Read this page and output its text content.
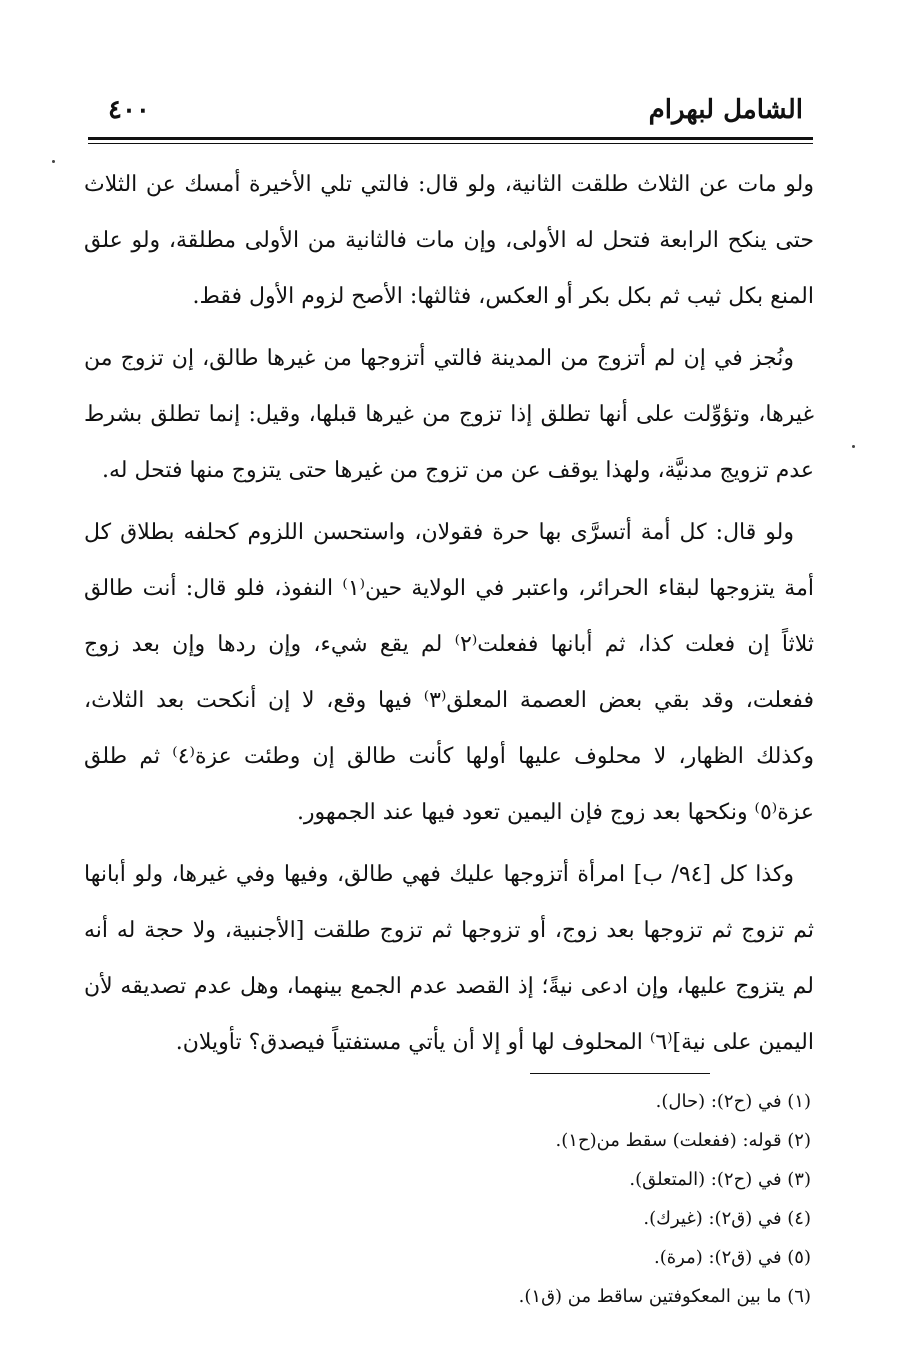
الشامل لبهرام
٤٠٠

ولو مات عن الثلاث طلقت الثانية، ولو قال: فالتي تلي الأخيرة أمسك عن الثلاث حتى ينكح الرابعة فتحل له الأولى، وإن مات فالثانية من الأولى مطلقة، ولو علق المنع بكل ثيب ثم بكل بكر أو العكس، فثالثها: الأصح لزوم الأول فقط.

ونُجز في إن لم أتزوج من المدينة فالتي أتزوجها من غيرها طالق، إن تزوج من غيرها، وتؤوِّلت على أنها تطلق إذا تزوج من غيرها قبلها، وقيل: إنما تطلق بشرط عدم تزويج مدنيَّة، ولهذا يوقف عن من تزوج من غيرها حتى يتزوج منها فتحل له.

ولو قال: كل أمة أتسرَّى بها حرة فقولان، واستحسن اللزوم كحلفه بطلاق كل أمة يتزوجها لبقاء الحرائر، واعتبر في الولاية حين⁽١⁾ النفوذ، فلو قال: أنت طالق ثلاثاً إن فعلت كذا، ثم أبانها ففعلت⁽٢⁾ لم يقع شيء، وإن ردها وإن بعد زوج ففعلت، وقد بقي بعض العصمة المعلق⁽٣⁾ فيها وقع، لا إن أنكحت بعد الثلاث، وكذلك الظهار، لا محلوف عليها أولها كأنت طالق إن وطئت عزة⁽٤⁾ ثم طلق عزة⁽٥⁾ ونكحها بعد زوج فإن اليمين تعود فيها عند الجمهور.

وكذا كل [٩٤/ ب] امرأة أتزوجها عليك فهي طالق، وفيها وفي غيرها، ولو أبانها ثم تزوج ثم تزوجها بعد زوج، أو تزوجها ثم تزوج طلقت [الأجنبية، ولا حجة له أنه لم يتزوج عليها، وإن ادعى نيةً؛ إذ القصد عدم الجمع بينهما، وهل عدم تصديقه لأن اليمين على نية]⁽٦⁾ المحلوف لها أو إلا أن يأتي مستفتياً فيصدق؟ تأويلان.

(١) في (ح٢): (حال).

(٢) قوله: (ففعلت) سقط من(ح١).

(٣) في (ح٢): (المتعلق).

(٤) في (ق٢): (غيرك).

(٥) في (ق٢): (مرة).

(٦) ما بين المعكوفتين ساقط من (ق١).
